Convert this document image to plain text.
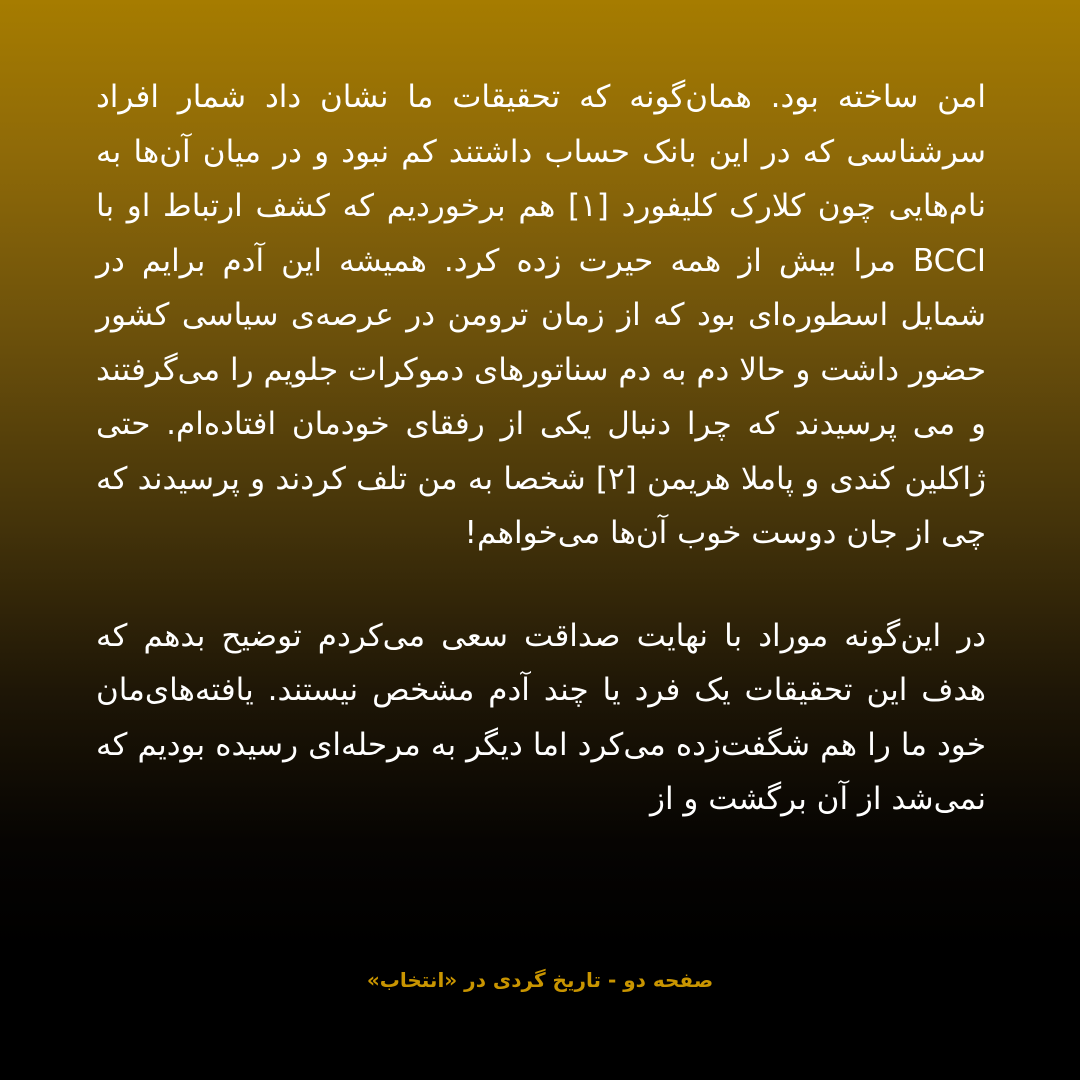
امن ساخته بود. همان‌گونه که تحقیقات ما نشان داد شمار افراد سرشناسی که در این بانک حساب داشتند کم نبود و در میان آن‌ها به نام‌هایی چون کلارک کلیفورد [۱] هم برخوردیم که کشف ارتباط او با BCCI مرا بیش از همه حیرت زده کرد. همیشه این آدم برایم در شمایل اسطوره‌ای بود که از زمان ترومن در عرصه‌ی سیاسی کشور حضور داشت و حالا دم به دم سناتورهای دموکرات جلویم را می‌گرفتند و می پرسیدند که چرا دنبال یکی از رفقای خودمان افتاده‌ام. حتی ژاکلین کندی و پاملا هریمن [۲] شخصا به من تلف کردند و پرسیدند که چی از جان دوست خوب آن‌ها می‌خواهم!

در این‌گونه موراد با نهایت صداقت سعی می‌کردم توضیح بدهم که هدف این تحقیقات یک فرد یا چند آدم مشخص نیستند. یافته‌های‌مان خود ما را هم شگفت‌زده می‌کرد اما دیگر به مرحله‌ای رسیده بودیم که نمی‌شد از آن برگشت و از

صفحه دو - تاریخ گردی در «انتخاب»
